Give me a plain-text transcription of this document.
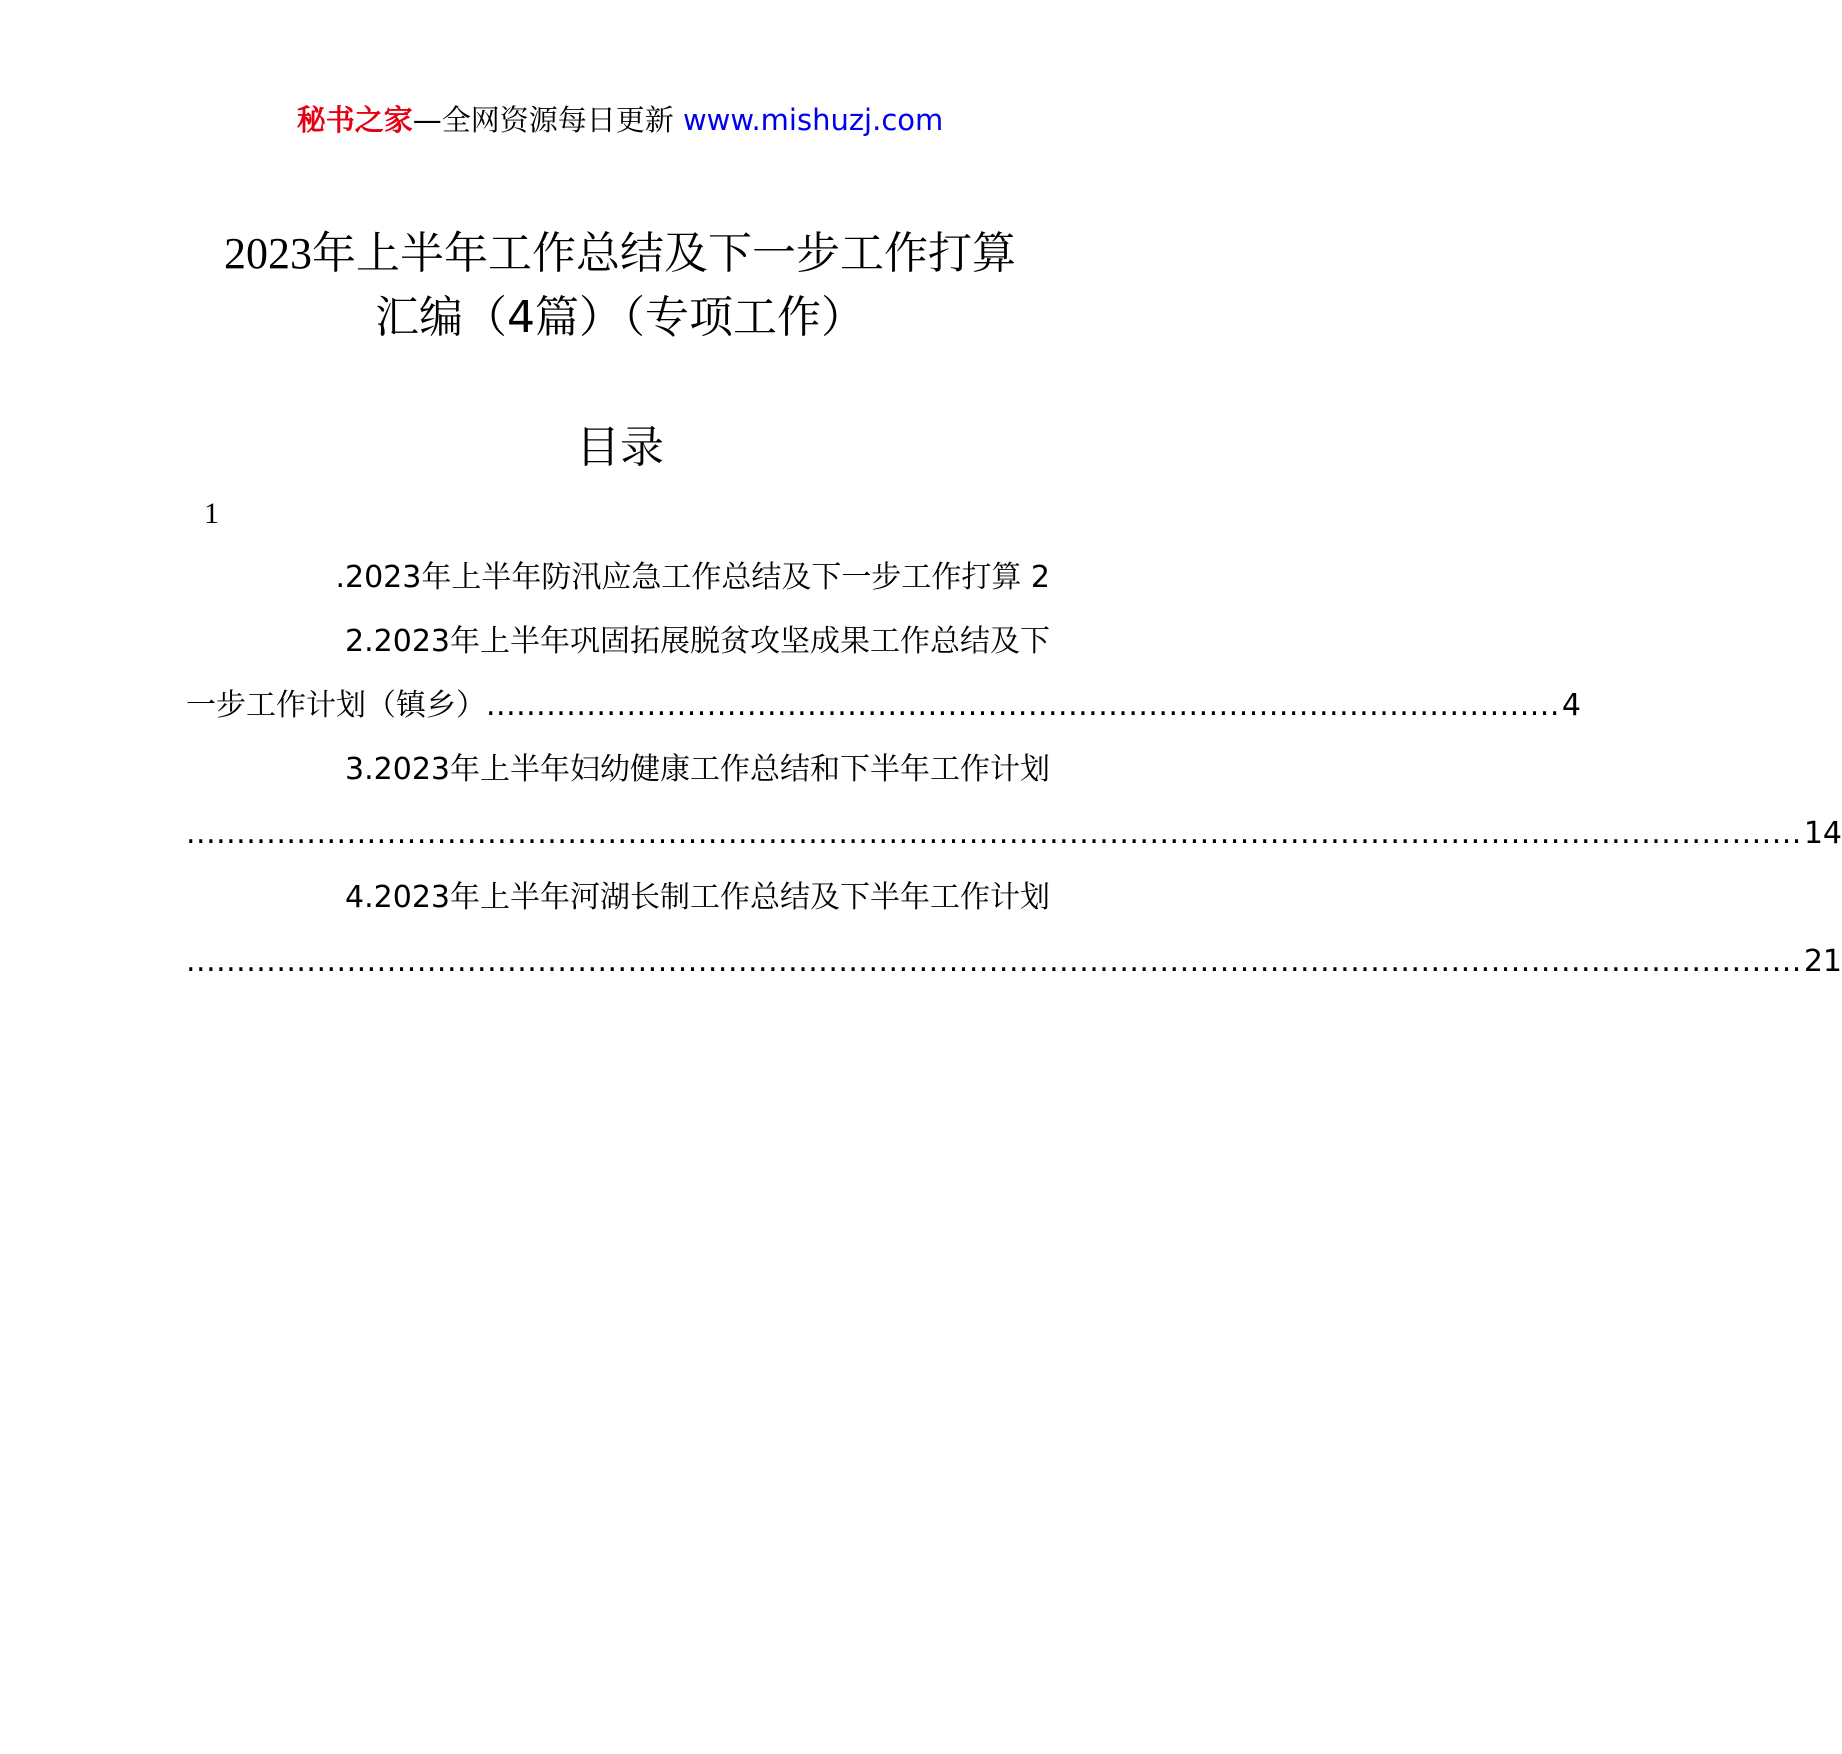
秘书之家—全网资源每日更新 www.mishuzj.com
2023年上半年工作总结及下一步工作打算
汇编（4篇）（专项工作）
目录
1
.2023年上半年防汛应急工作总结及下一步工作打算 2
2.2023年上半年巩固拓展脱贫攻坚成果工作总结及下
一步工作计划（镇乡） ........................................................................................................... 4
3.2023年上半年妇幼健康工作总结和下半年工作计划
................................................................................................................................................................. 14
4.2023年上半年河湖长制工作总结及下半年工作计划
................................................................................................................................................................. 21
